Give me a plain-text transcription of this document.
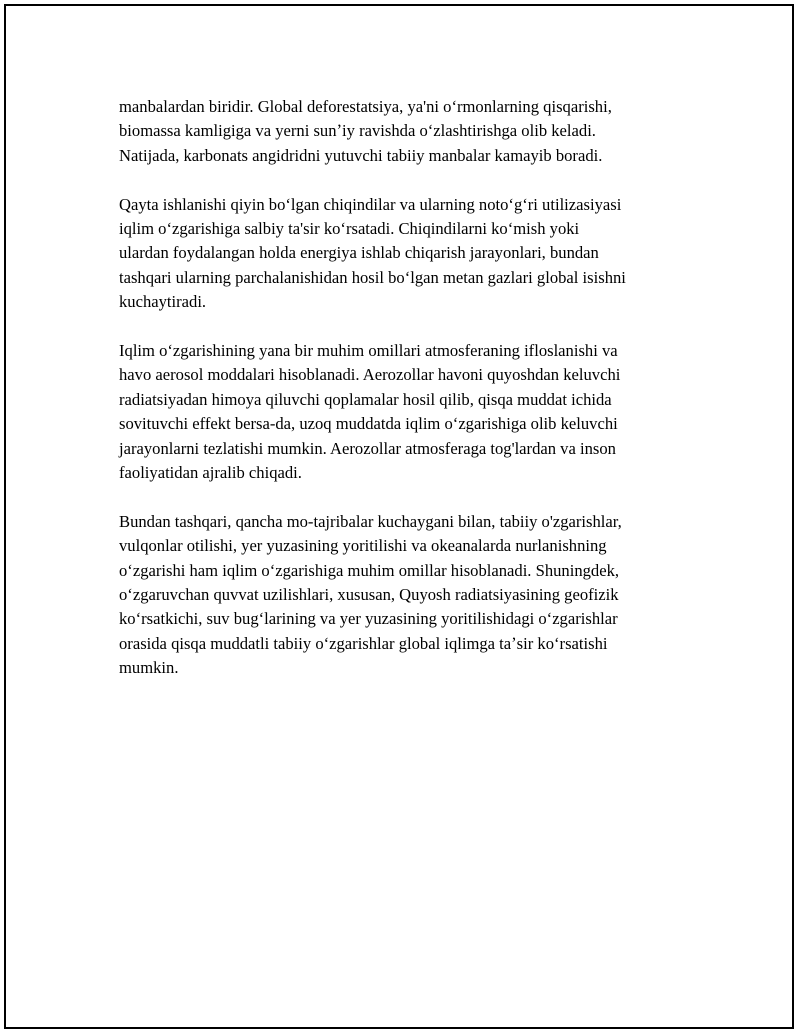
manbalardan biridir. Global deforestatsiya, ya'ni oʻrmonlarning qisqarishi,
biomassa kamligiga va yerni sunʼiy ravishda oʻzlashtirishga olib keladi.
Natijada, karbonats angidridni yutuvchi tabiiy manbalar kamayib boradi.

Qayta ishlanishi qiyin boʻlgan chiqindilar va ularning notoʻgʻri utilizasiyasi
iqlim oʻzgarishiga salbiy ta'sir koʻrsatadi. Chiqindilarni koʻmish yoki
ulardan foydalangan holda energiya ishlab chiqarish jarayonlari, bundan
tashqari ularning parchalanishidan hosil boʻlgan metan gazlari global isishni
kuchaytiradi.

Iqlim oʻzgarishining yana bir muhim omillari atmosferaning ifloslanishi va
havo aerosol moddalari hisoblanadi. Aerozollar havoni quyoshdan keluvchi
radiatsiyadan himoya qiluvchi qoplamalar hosil qilib, qisqa muddat ichida
sovituvchi effekt bersa-da, uzoq muddatda iqlim oʻzgarishiga olib keluvchi
jarayonlarni tezlatishi mumkin. Aerozollar atmosferaga tog'lardan va inson
faoliyatidan ajralib chiqadi.

Bundan tashqari, qancha mo-tajribalar kuchaygani bilan, tabiiy o'zgarishlar,
vulqonlar otilishi, yer yuzasining yoritilishi va okeanalarda nurlanishning
oʻzgarishi ham iqlim oʻzgarishiga muhim omillar hisoblanadi. Shuningdek,
oʻzgaruvchan quvvat uzilishlari, xususan, Quyosh radiatsiyasining geofizik
koʻrsatkichi, suv bugʻlarining va yer yuzasining yoritilishidagi oʻzgarishlar
orasida qisqa muddatli tabiiy oʻzgarishlar global iqlimga taʼsir koʻrsatishi
mumkin.
